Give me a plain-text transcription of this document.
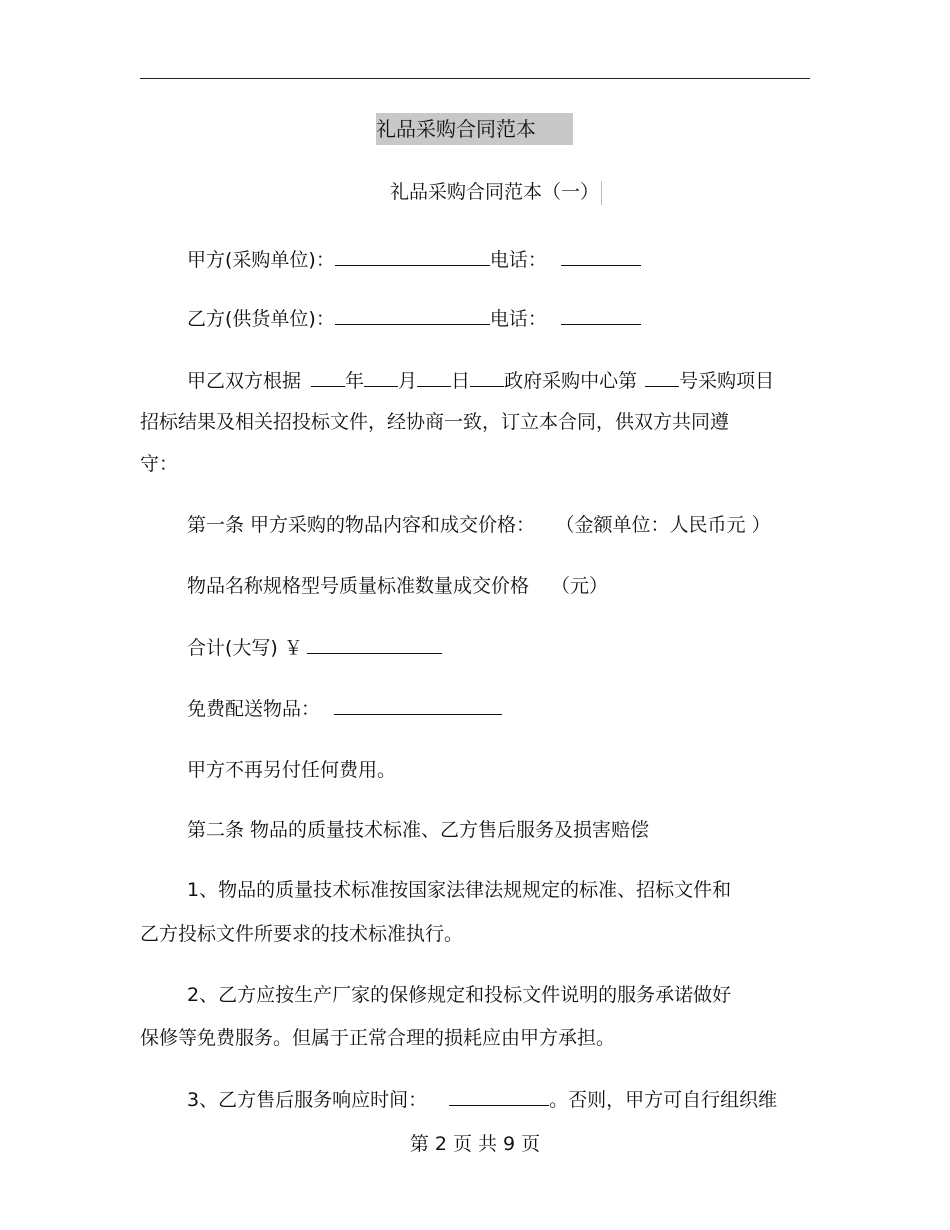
礼品采购合同范本
礼品采购合同范本（一）
甲方(采购单位)：	电话：
乙方(供货单位)：	电话：
甲乙双方根据 年 月 日 政府采购中心第 号采购项目
招标结果及相关招投标文件，经协商一致，订立本合同，供双方共同遵
守：
第一条 甲方采购的物品内容和成交价格： （金额单位：人民币元 ）
物品名称规格型号质量标准数量成交价格 （元）
合计(大写) ￥
免费配送物品：
甲方不再另付任何费用。
第二条 物品的质量技术标准、乙方售后服务及损害赔偿
1、物品的质量技术标准按国家法律法规规定的标准、招标文件和
乙方投标文件所要求的技术标准执行。
2、乙方应按生产厂家的保修规定和投标文件说明的服务承诺做好
保修等免费服务。但属于正常合理的损耗应由甲方承担。
3、乙方售后服务响应时间：	。否则，甲方可自行组织维
第 2 页 共 9 页
